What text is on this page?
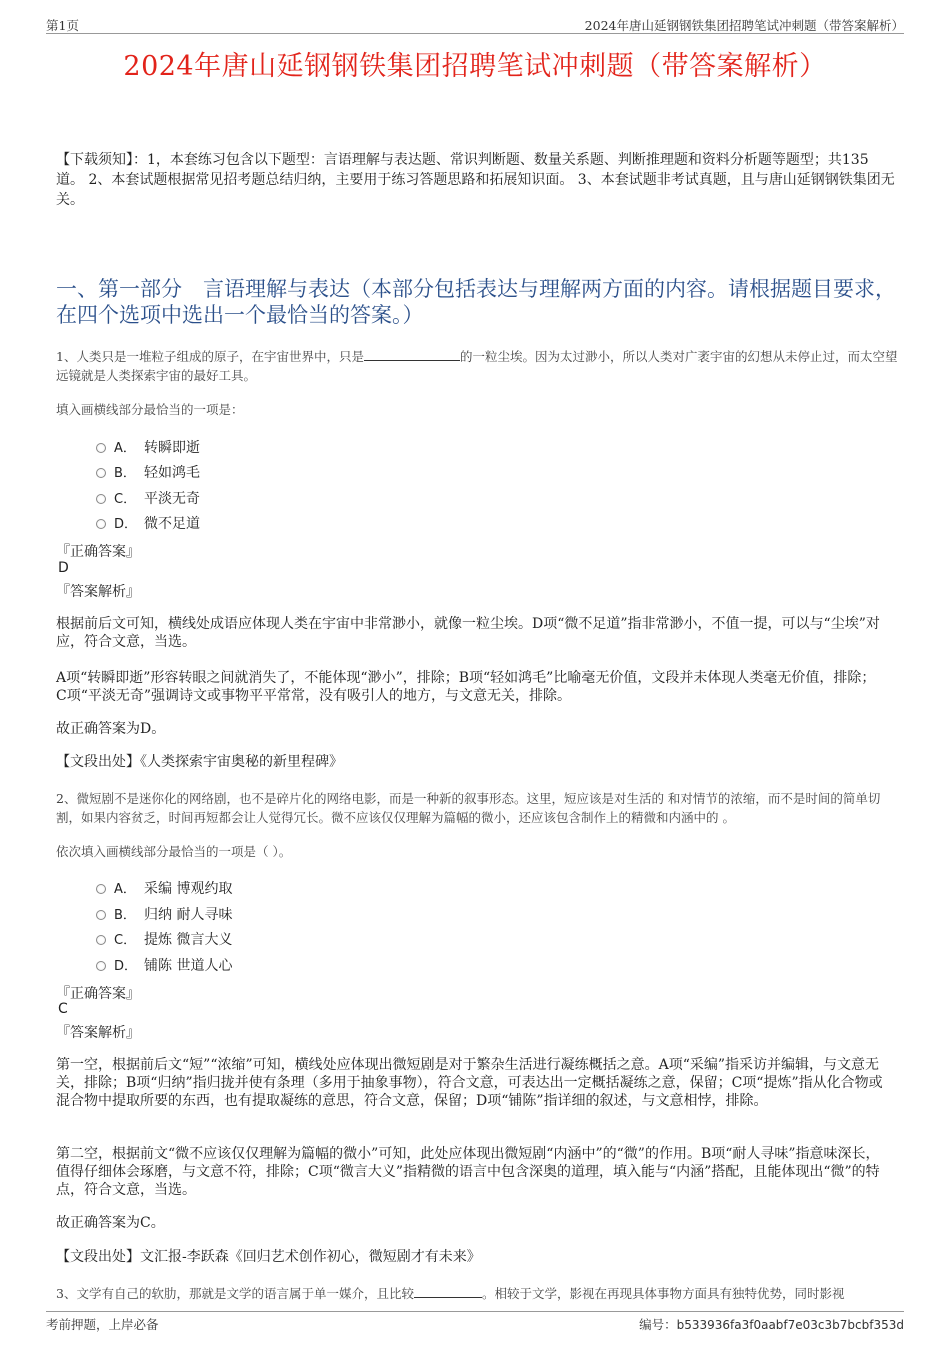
第1页	2024年唐山延钢钢铁集团招聘笔试冲刺题（带答案解析）
2024年唐山延钢钢铁集团招聘笔试冲刺题（带答案解析）
【下载须知】：1，本套练习包含以下题型：言语理解与表达题、常识判断题、数量关系题、判断推理题和资料分析题等题型；共135道。 2、本套试题根据常见招考题总结归纳，主要用于练习答题思路和拓展知识面。 3、本套试题非考试真题，且与唐山延钢钢铁集团无关。
一、第一部分　言语理解与表达（本部分包括表达与理解两方面的内容。请根据题目要求，在四个选项中选出一个最恰当的答案。）
1、人类只是一堆粒子组成的原子，在宇宙世界中，只是	的一粒尘埃。因为太过渺小，所以人类对广袤宇宙的幻想从未停止过，而太空望远镜就是人类探索宇宙的最好工具。
填入画横线部分最恰当的一项是：
A． 转瞬即逝
B． 轻如鸿毛
C． 平淡无奇
D． 微不足道
『正确答案』
D
『答案解析』
根据前后文可知，横线处成语应体现人类在宇宙中非常渺小，就像一粒尘埃。D项“微不足道”指非常渺小，不值一提，可以与“尘埃”对应，符合文意，当选。
A项“转瞬即逝”形容转眼之间就消失了，不能体现“渺小”，排除；B项“轻如鸿毛”比喻毫无价值，文段并未体现人类毫无价值，排除；C项“平淡无奇”强调诗文或事物平平常常，没有吸引人的地方，与文意无关，排除。
故正确答案为D。
【文段出处】《人类探索宇宙奥秘的新里程碑》
2、微短剧不是迷你化的网络剧，也不是碎片化的网络电影，而是一种新的叙事形态。这里，短应该是对生活的 和对情节的浓缩，而不是时间的简单切割，如果内容贫乏，时间再短都会让人觉得冗长。微不应该仅仅理解为篇幅的微小，还应该包含制作上的精微和内涵中的 。
依次填入画横线部分最恰当的一项是（ ）。
A． 采编 博观约取
B． 归纳 耐人寻味
C． 提炼 微言大义
D． 铺陈 世道人心
『正确答案』
C
『答案解析』
第一空，根据前后文“短”“浓缩”可知，横线处应体现出微短剧是对于繁杂生活进行凝练概括之意。A项“采编”指采访并编辑，与文意无关，排除；B项“归纳”指归拢并使有条理（多用于抽象事物），符合文意，可表达出一定概括凝练之意，保留；C项“提炼”指从化合物或混合物中提取所要的东西，也有提取凝练的意思，符合文意，保留；D项“铺陈”指详细的叙述，与文意相悖，排除。
第二空，根据前文“微不应该仅仅理解为篇幅的微小”可知，此处应体现出微短剧“内涵中”的“微”的作用。B项“耐人寻味”指意味深长，值得仔细体会琢磨，与文意不符，排除；C项“微言大义”指精微的语言中包含深奥的道理，填入能与“内涵”搭配，且能体现出“微”的特点，符合文意，当选。
故正确答案为C。
【文段出处】文汇报-李跃森《回归艺术创作初心，微短剧才有未来》
3、文学有自己的软肋，那就是文学的语言属于单一媒介，且比较	。相较于文学，影视在再现具体事物方面具有独特优势，同时影视
考前押题，上岸必备	编号：b533936fa3f0aabf7e03c3b7bcbf353d
